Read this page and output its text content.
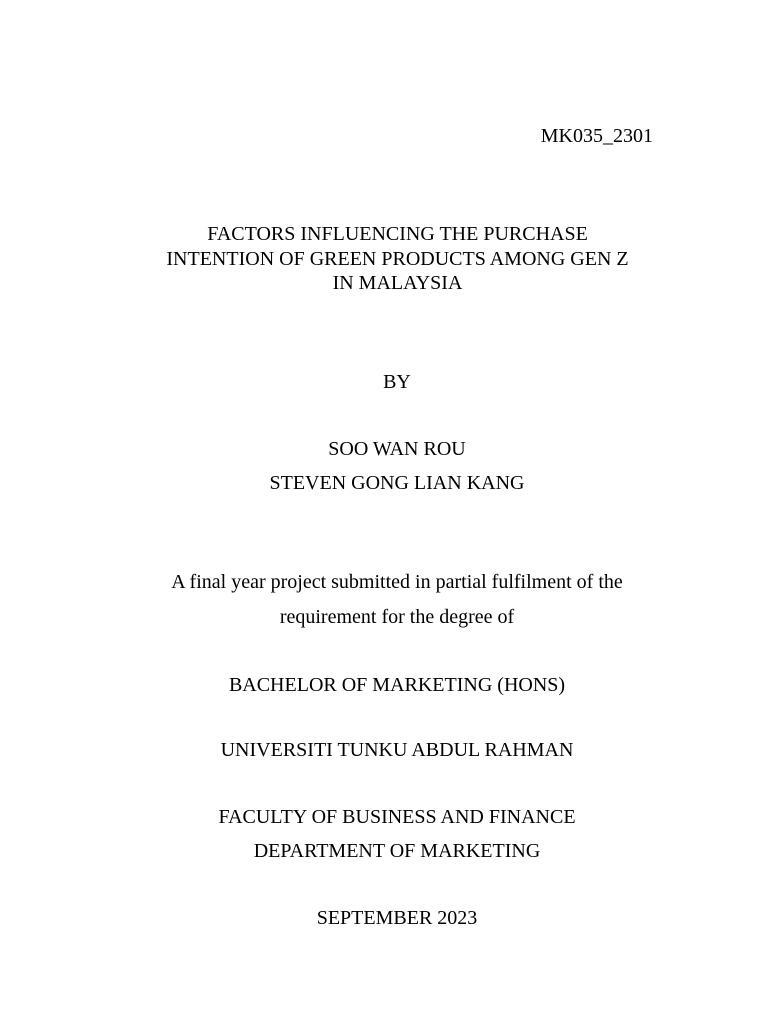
MK035_2301
FACTORS INFLUENCING THE PURCHASE
INTENTION OF GREEN PRODUCTS AMONG GEN Z
IN MALAYSIA
BY
SOO WAN ROU
STEVEN GONG LIAN KANG
A final year project submitted in partial fulfilment of the
requirement for the degree of
BACHELOR OF MARKETING (HONS)
UNIVERSITI TUNKU ABDUL RAHMAN
FACULTY OF BUSINESS AND FINANCE
DEPARTMENT OF MARKETING
SEPTEMBER 2023
